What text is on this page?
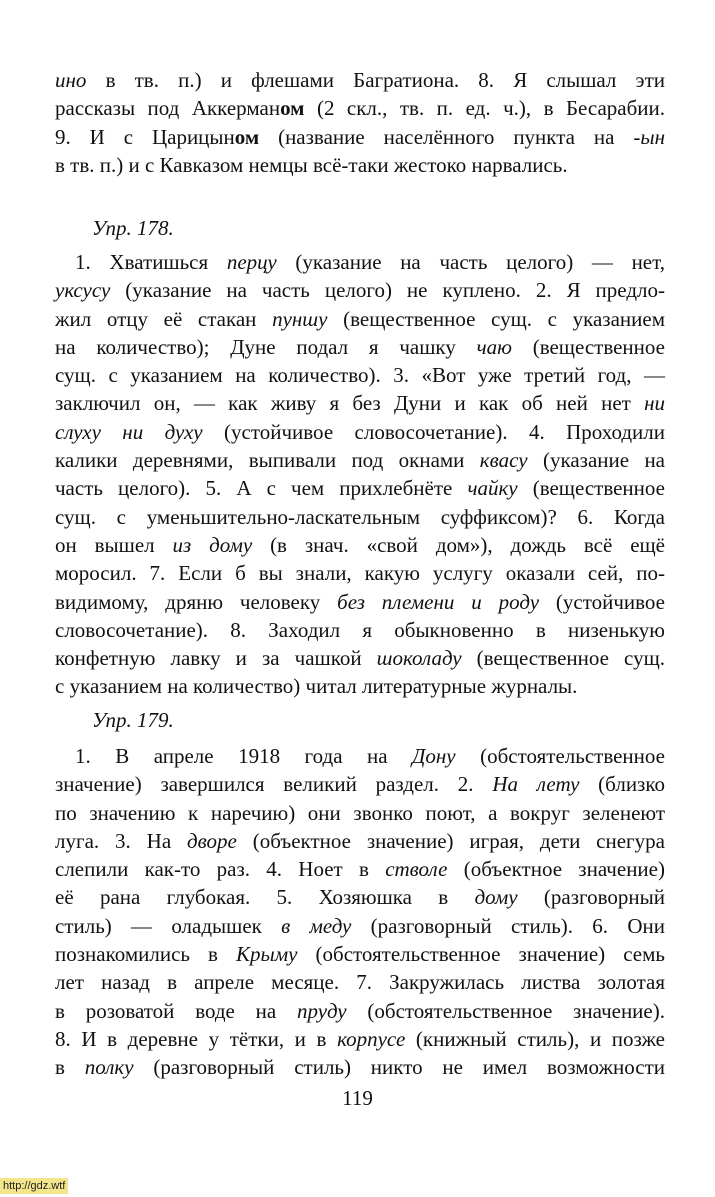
ино в тв. п.) и флешами Багратиона. 8. Я слышал эти
рассказы под Аккерманом (2 скл., тв. п. ед. ч.), в Бесарабии.
9. И с Царицыном (название населённого пункта на -ын
в тв. п.) и с Кавказом немцы всё-таки жестоко нарвались.
Упр. 178.
1. Хватишься перцу (указание на часть целого) — нет,
уксусу (указание на часть целого) не куплено. 2. Я предло-
жил отцу её стакан пуншу (вещественное сущ. с указанием
на количество); Дуне подал я чашку чаю (вещественное
сущ. с указанием на количество). 3. «Вот уже третий год, —
заключил он, — как живу я без Дуни и как об ней нет ни
слуху ни духу (устойчивое словосочетание). 4. Проходили
калики деревнями, выпивали под окнами квасу (указание на
часть целого). 5. А с чем прихлебнёте чайку (вещественное
сущ. с уменьшительно-ласкательным суффиксом)? 6. Когда
он вышел из дому (в знач. «свой дом»), дождь всё ещё
моросил. 7. Если б вы знали, какую услугу оказали сей, по-
видимому, дряню человеку без племени и роду (устойчивое
словосочетание). 8. Заходил я обыкновенно в низенькую
конфетную лавку и за чашкой шоколаду (вещественное сущ.
с указанием на количество) читал литературные журналы.
Упр. 179.
1. В апреле 1918 года на Дону (обстоятельственное
значение) завершился великий раздел. 2. На лету (близко
по значению к наречию) они звонко поют, а вокруг зеленеют
луга. 3. На дворе (объектное значение) играя, дети снегура
слепили как-то раз. 4. Ноет в стволе (объектное значение)
её рана глубокая. 5. Хозяюшка в дому (разговорный
стиль) — оладышек в меду (разговорный стиль). 6. Они
познакомились в Крыму (обстоятельственное значение) семь
лет назад в апреле месяце. 7. Закружилась листва золотая
в розоватой воде на пруду (обстоятельственное значение).
8. И в деревне у тётки, и в корпусе (книжный стиль), и позже
в полку (разговорный стиль) никто не имел возможности
119
http://gdz.wtf
